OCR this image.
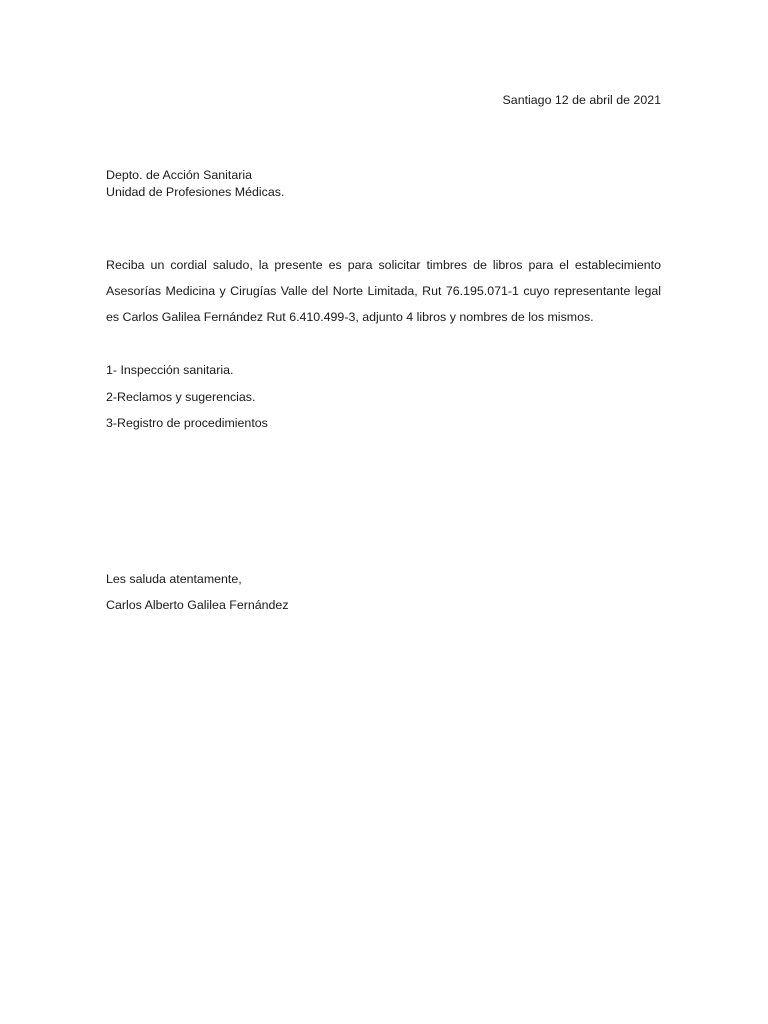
Santiago 12 de abril de 2021
Depto. de Acción Sanitaria
Unidad de Profesiones Médicas.
Reciba un cordial saludo, la presente es para solicitar timbres de libros para el establecimiento Asesorías Medicina y Cirugías Valle del Norte Limitada, Rut 76.195.071-1 cuyo representante legal es Carlos Galilea Fernández Rut 6.410.499-3, adjunto 4 libros y nombres de los mismos.
1- Inspección sanitaria.
2-Reclamos y sugerencias.
3-Registro de procedimientos
Les saluda atentamente,
Carlos Alberto Galilea Fernández
